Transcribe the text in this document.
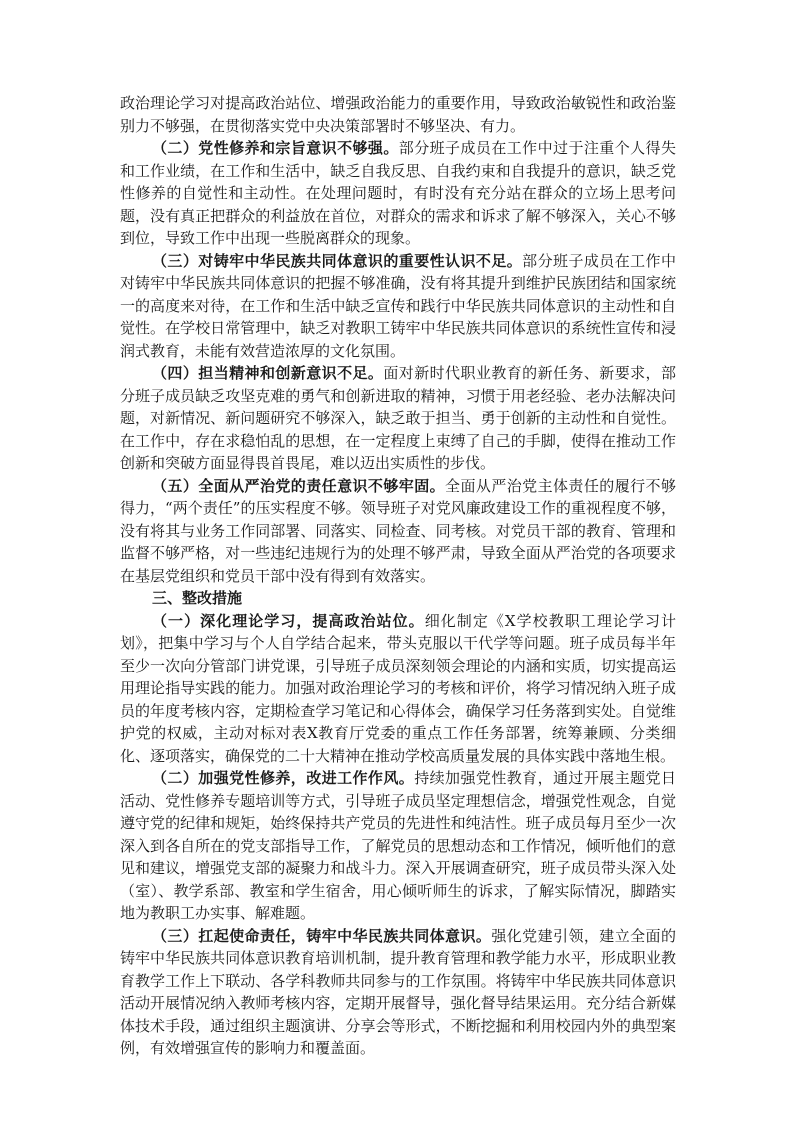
政治理论学习对提高政治站位、增强政治能力的重要作用，导致政治敏锐性和政治鉴别力不够强，在贯彻落实党中央决策部署时不够坚决、有力。

（二）党性修养和宗旨意识不够强。部分班子成员在工作中过于注重个人得失和工作业绩，在工作和生活中，缺乏自我反思、自我约束和自我提升的意识，缺乏党性修养的自觉性和主动性。在处理问题时，有时没有充分站在群众的立场上思考问题，没有真正把群众的利益放在首位，对群众的需求和诉求了解不够深入，关心不够到位，导致工作中出现一些脱离群众的现象。

（三）对铸牢中华民族共同体意识的重要性认识不足。部分班子成员在工作中对铸牢中华民族共同体意识的把握不够准确，没有将其提升到维护民族团结和国家统一的高度来对待，在工作和生活中缺乏宣传和践行中华民族共同体意识的主动性和自觉性。在学校日常管理中，缺乏对教职工铸牢中华民族共同体意识的系统性宣传和浸润式教育，未能有效营造浓厚的文化氛围。

（四）担当精神和创新意识不足。面对新时代职业教育的新任务、新要求，部分班子成员缺乏攻坚克难的勇气和创新进取的精神，习惯于用老经验、老办法解决问题，对新情况、新问题研究不够深入，缺乏敢于担当、勇于创新的主动性和自觉性。在工作中，存在求稳怕乱的思想，在一定程度上束缚了自己的手脚，使得在推动工作创新和突破方面显得畏首畏尾，难以迈出实质性的步伐。

（五）全面从严治党的责任意识不够牢固。全面从严治党主体责任的履行不够得力，“两个责任”的压实程度不够。领导班子对党风廉政建设工作的重视程度不够，没有将其与业务工作同部署、同落实、同检查、同考核。对党员干部的教育、管理和监督不够严格，对一些违纪违规行为的处理不够严肃，导致全面从严治党的各项要求在基层党组织和党员干部中没有得到有效落实。

三、整改措施

（一）深化理论学习，提高政治站位。细化制定《X学校教职工理论学习计划》，把集中学习与个人自学结合起来，带头克服以干代学等问题。班子成员每半年至少一次向分管部门讲党课，引导班子成员深刻领会理论的内涵和实质，切实提高运用理论指导实践的能力。加强对政治理论学习的考核和评价，将学习情况纳入班子成员的年度考核内容，定期检查学习笔记和心得体会，确保学习任务落到实处。自觉维护党的权威，主动对标对表X教育厅党委的重点工作任务部署，统筹兼顾、分类细化、逐项落实，确保党的二十大精神在推动学校高质量发展的具体实践中落地生根。

（二）加强党性修养，改进工作作风。持续加强党性教育，通过开展主题党日活动、党性修养专题培训等方式，引导班子成员坚定理想信念，增强党性观念，自觉遵守党的纪律和规矩，始终保持共产党员的先进性和纯洁性。班子成员每月至少一次深入到各自所在的党支部指导工作，了解党员的思想动态和工作情况，倾听他们的意见和建议，增强党支部的凝聚力和战斗力。深入开展调查研究，班子成员带头深入处（室）、教学系部、教室和学生宿舍，用心倾听师生的诉求，了解实际情况，脚踏实地为教职工办实事、解难题。

（三）扛起使命责任，铸牢中华民族共同体意识。强化党建引领，建立全面的铸牢中华民族共同体意识教育培训机制，提升教育管理和教学能力水平，形成职业教育教学工作上下联动、各学科教师共同参与的工作氛围。将铸牢中华民族共同体意识活动开展情况纳入教师考核内容，定期开展督导，强化督导结果运用。充分结合新媒体技术手段，通过组织主题演讲、分享会等形式，不断挖掘和利用校园内外的典型案例，有效增强宣传的影响力和覆盖面。
